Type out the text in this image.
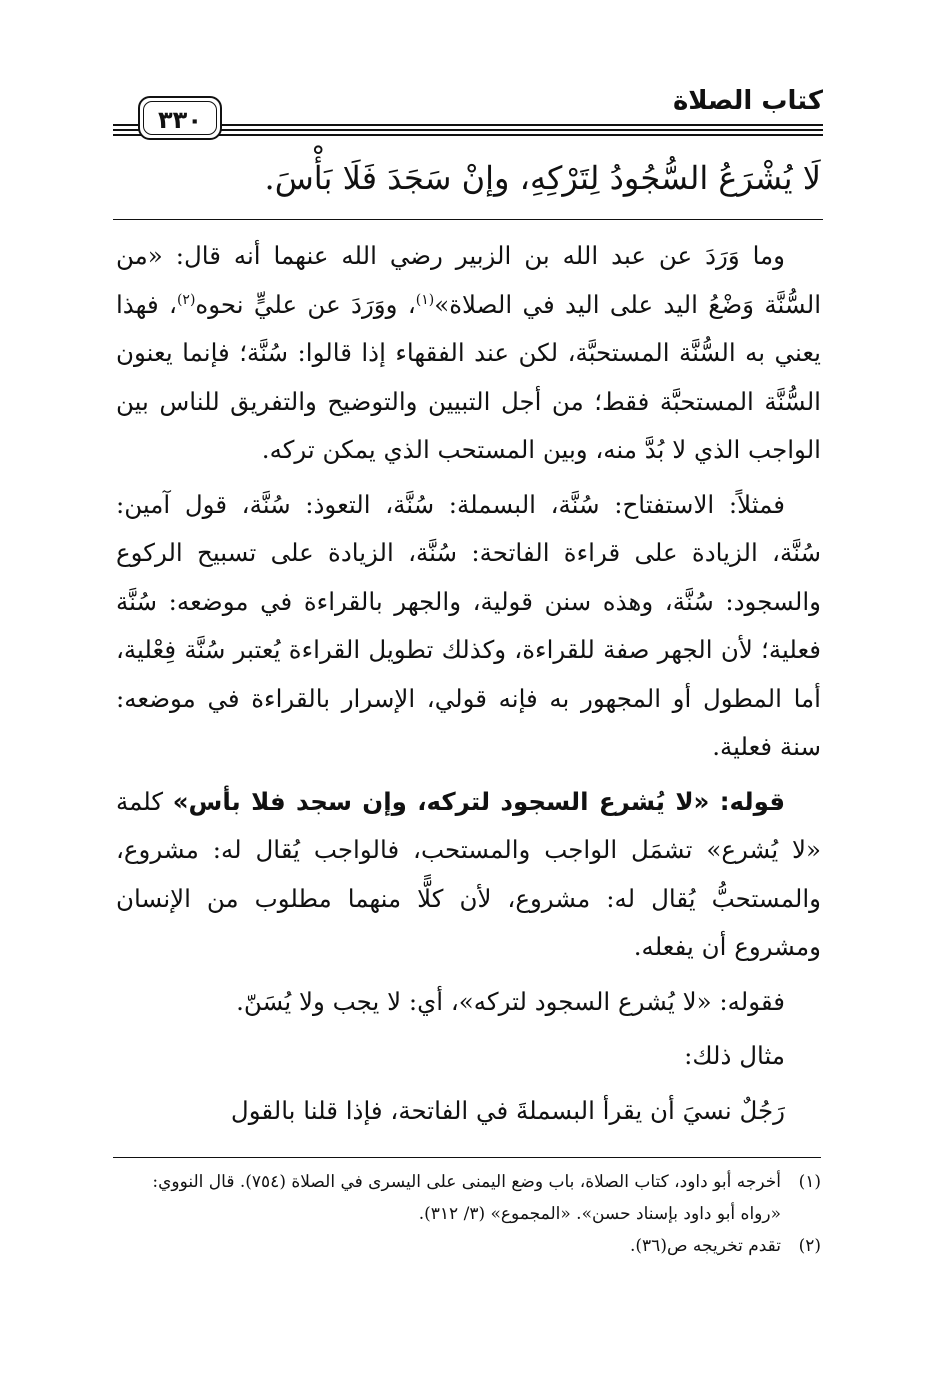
كتاب الصلاة
٣٣٠
لَا يُشْرَعُ السُّجُودُ لِتَرْكِهِ، وإنْ سَجَدَ فَلَا بَأْسَ.

وما وَرَدَ عن عبد الله بن الزبير رضي الله عنهما أنه قال: «من السُّنَّة وَضْعُ اليد على اليد في الصلاة»$^{(١)}$، ووَرَدَ عن عليٍّ نحوه$^{(٢)}$، فهذا يعني به السُّنَّة المستحبَّة، لكن عند الفقهاء إذا قالوا: سُنَّة؛ فإنما يعنون السُّنَّة المستحبَّة فقط؛ من أجل التبيين والتوضيح والتفريق للناس بين الواجب الذي لا بُدَّ منه، وبين المستحب الذي يمكن تركه.

فمثلاً: الاستفتاح: سُنَّة، البسملة: سُنَّة، التعوذ: سُنَّة، قول آمين: سُنَّة، الزيادة على قراءة الفاتحة: سُنَّة، الزيادة على تسبيح الركوع والسجود: سُنَّة، وهذه سنن قولية، والجهر بالقراءة في موضعه: سُنَّة فعلية؛ لأن الجهر صفة للقراءة، وكذلك تطويل القراءة يُعتبر سُنَّة فِعْلية، أما المطول أو المجهور به فإنه قولي، الإسرار بالقراءة في موضعه: سنة فعلية.

قوله: «لا يُشرع السجود لتركه، وإن سجد فلا بأس» كلمة «لا يُشرع» تشمَل الواجب والمستحب، فالواجب يُقال له: مشروع، والمستحبُّ يُقال له: مشروع، لأن كلًّا منهما مطلوب من الإنسان ومشروع أن يفعله.

فقوله: «لا يُشرع السجود لتركه»، أي: لا يجب ولا يُسَنّ.

مثال ذلك:

رَجُلٌ نسيَ أن يقرأ البسملةَ في الفاتحة، فإذا قلنا بالقول

(١)
أخرجه أبو داود، كتاب الصلاة، باب وضع اليمنى على اليسرى في الصلاة (٧٥٤). قال النووي: «رواه أبو داود بإسناد حسن». «المجموع» (٣/ ٣١٢).
(٢)
تقدم تخريجه ص(٣٦).
